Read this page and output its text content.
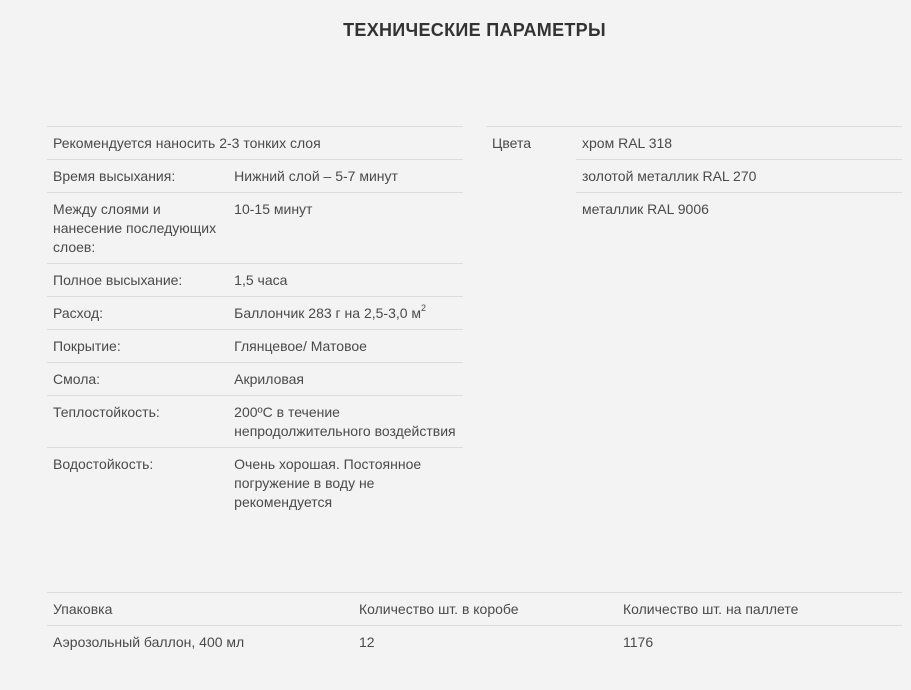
ТЕХНИЧЕСКИЕ ПАРАМЕТРЫ
Рекомендуется наносить 2-3 тонких слоя	
Время высыхания:	Нижний слой – 5-7 минут
Между слоями и нанесение последующих слоев:	10-15 минут
Полное высыхание:	1,5 часа
Расход:	Баллончик 283 г на 2,5-3,0 $м^2$
Покрытие:	Глянцевое/ Матовое
Смола:	Акриловая
Теплостойкость:	200ºC в течение непродолжительного воздействия
Водостойкость:	Очень хорошая. Постоянное погружение в воду не рекомендуется
Цвета	хром RAL 318
	золотой металлик RAL 270
	металлик RAL 9006
Упаковка	Количество шт. в коробе	Количество шт. на паллете
Аэрозольный баллон, 400 мл	12	1176
